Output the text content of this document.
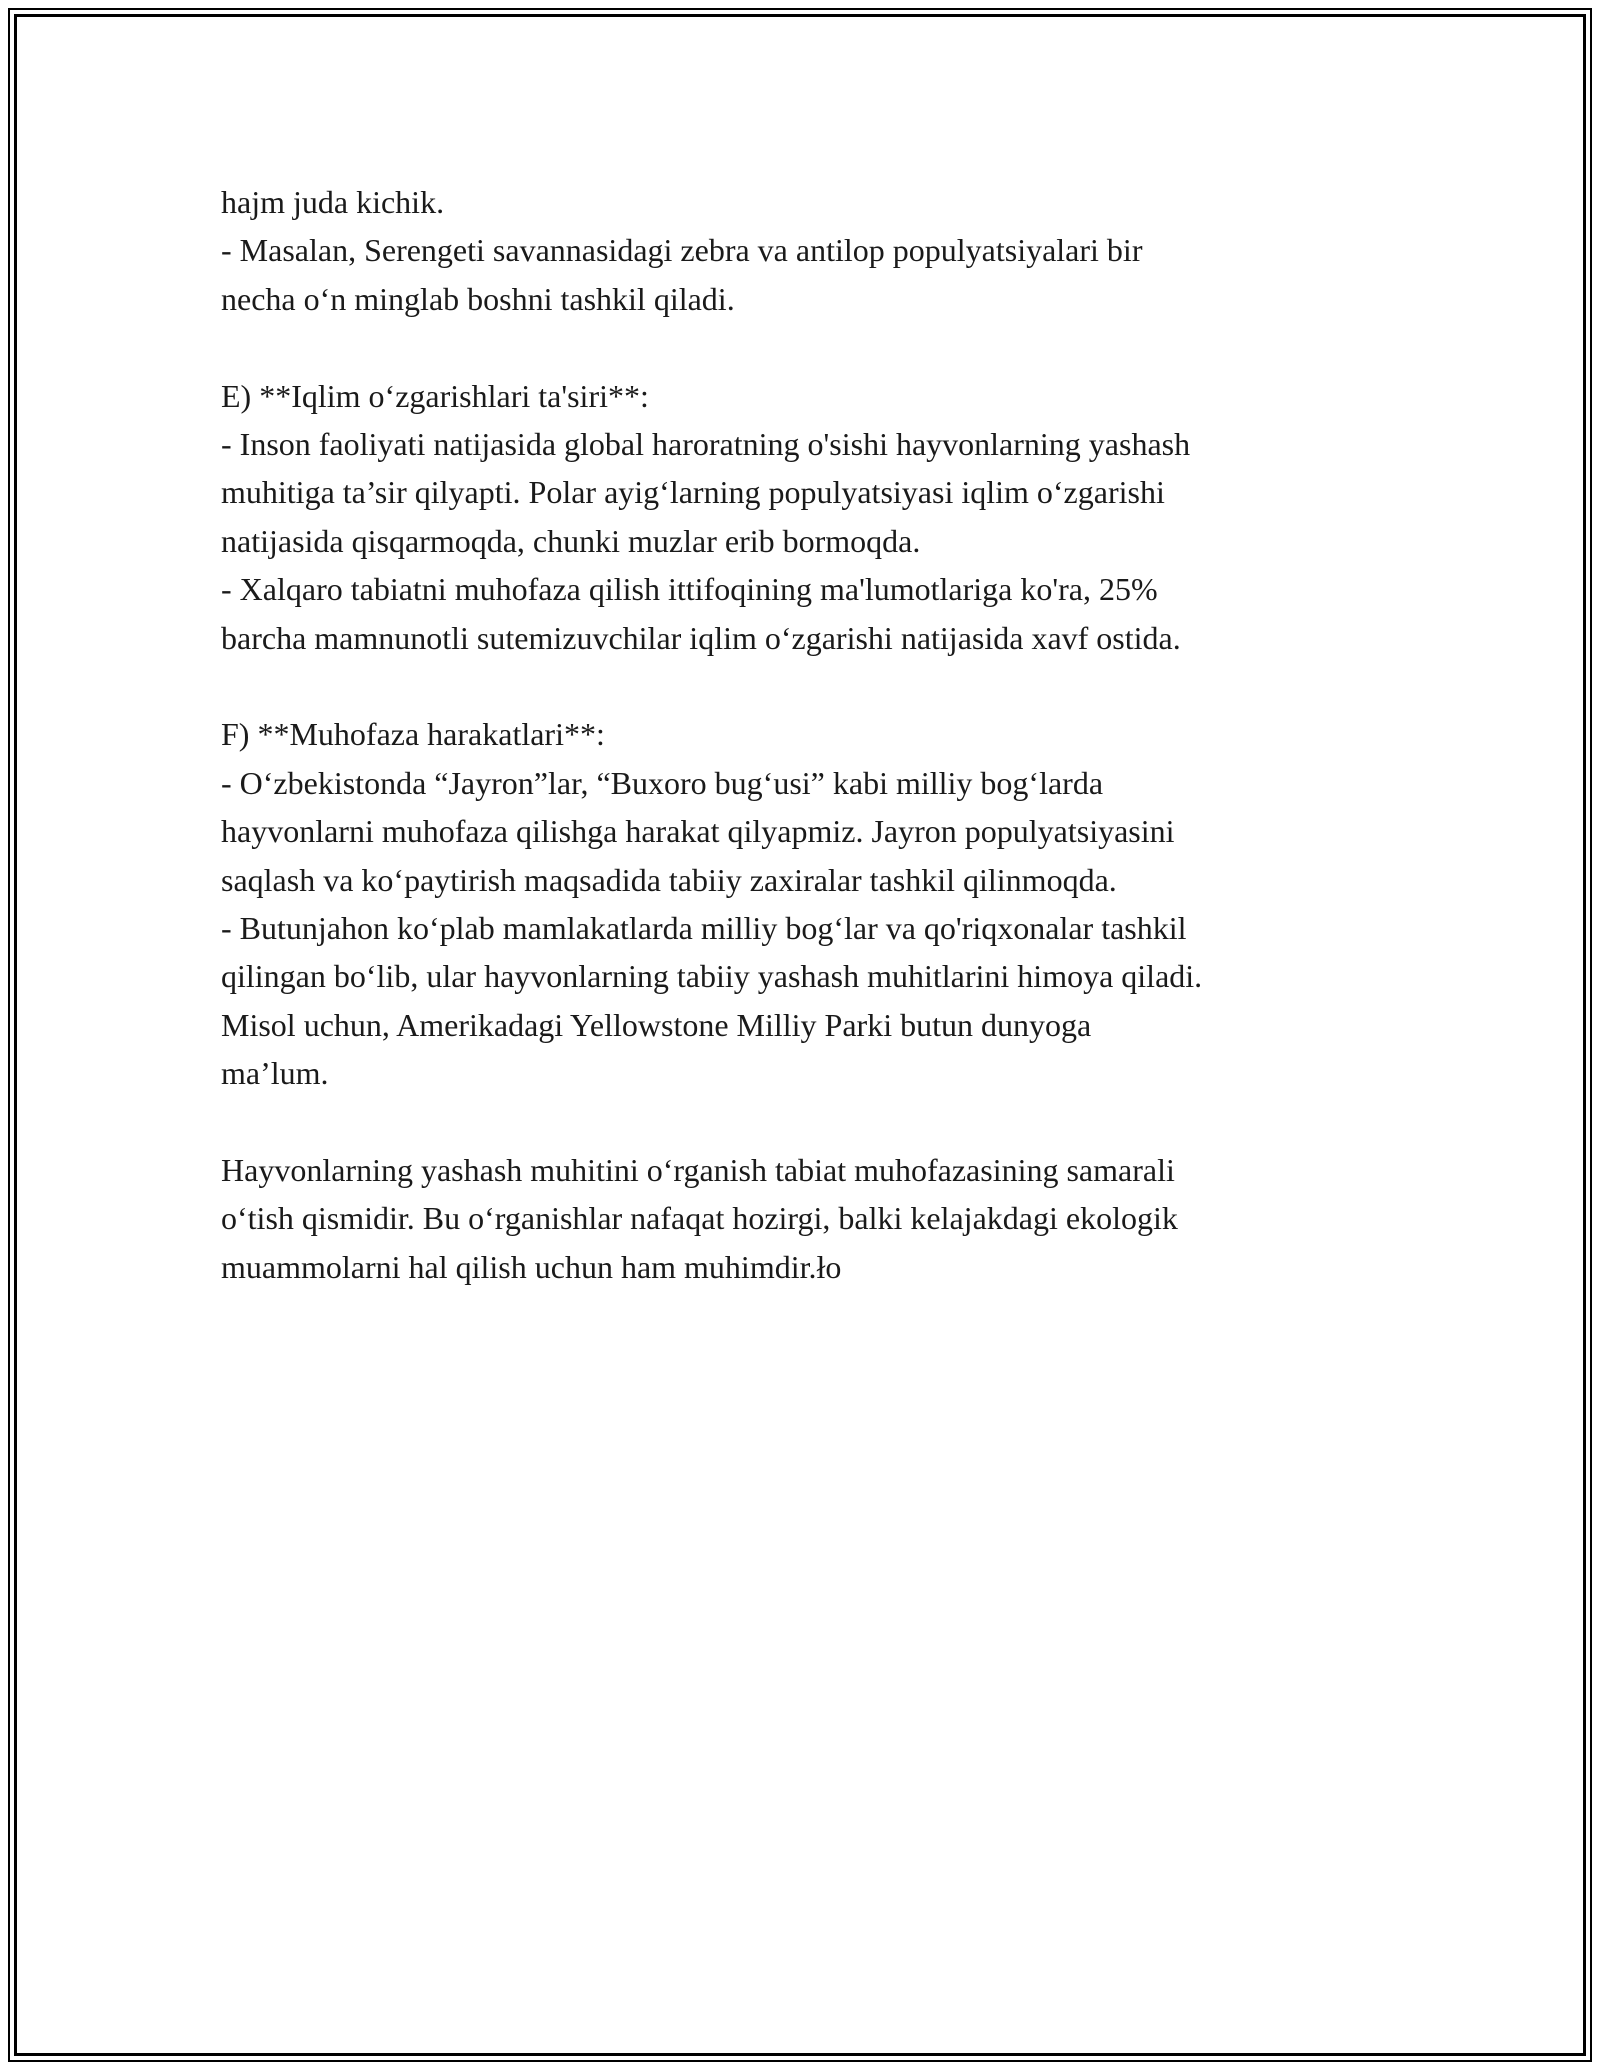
hajm juda kichik.
- Masalan, Serengeti savannasidagi zebra va antilop populyatsiyalari bir
necha o‘n minglab boshni tashkil qiladi.
E) **Iqlim o‘zgarishlari ta'siri**:
- Inson faoliyati natijasida global haroratning o'sishi hayvonlarning yashash
muhitiga ta’sir qilyapti. Polar ayig‘larning populyatsiyasi iqlim o‘zgarishi
natijasida qisqarmoqda, chunki muzlar erib bormoqda.
- Xalqaro tabiatni muhofaza qilish ittifoqining ma'lumotlariga ko'ra, 25%
barcha mamnunotli sutemizuvchilar iqlim o‘zgarishi natijasida xavf ostida.
F) **Muhofaza harakatlari**:
- O‘zbekistonda “Jayron”lar, “Buxoro bug‘usi” kabi milliy bog‘larda
hayvonlarni muhofaza qilishga harakat qilyapmiz. Jayron populyatsiyasini
saqlash va ko‘paytirish maqsadida tabiiy zaxiralar tashkil qilinmoqda.
- Butunjahon ko‘plab mamlakatlarda milliy bog‘lar va qo'riqxonalar tashkil
qilingan bo‘lib, ular hayvonlarning tabiiy yashash muhitlarini himoya qiladi.
Misol uchun, Amerikadagi Yellowstone Milliy Parki butun dunyoga
ma’lum.
Hayvonlarning yashash muhitini o‘rganish tabiat muhofazasining samarali
o‘tish qismidir. Bu o‘rganishlar nafaqat hozirgi, balki kelajakdagi ekologik
muammolarni hal qilish uchun ham muhimdir.ło
